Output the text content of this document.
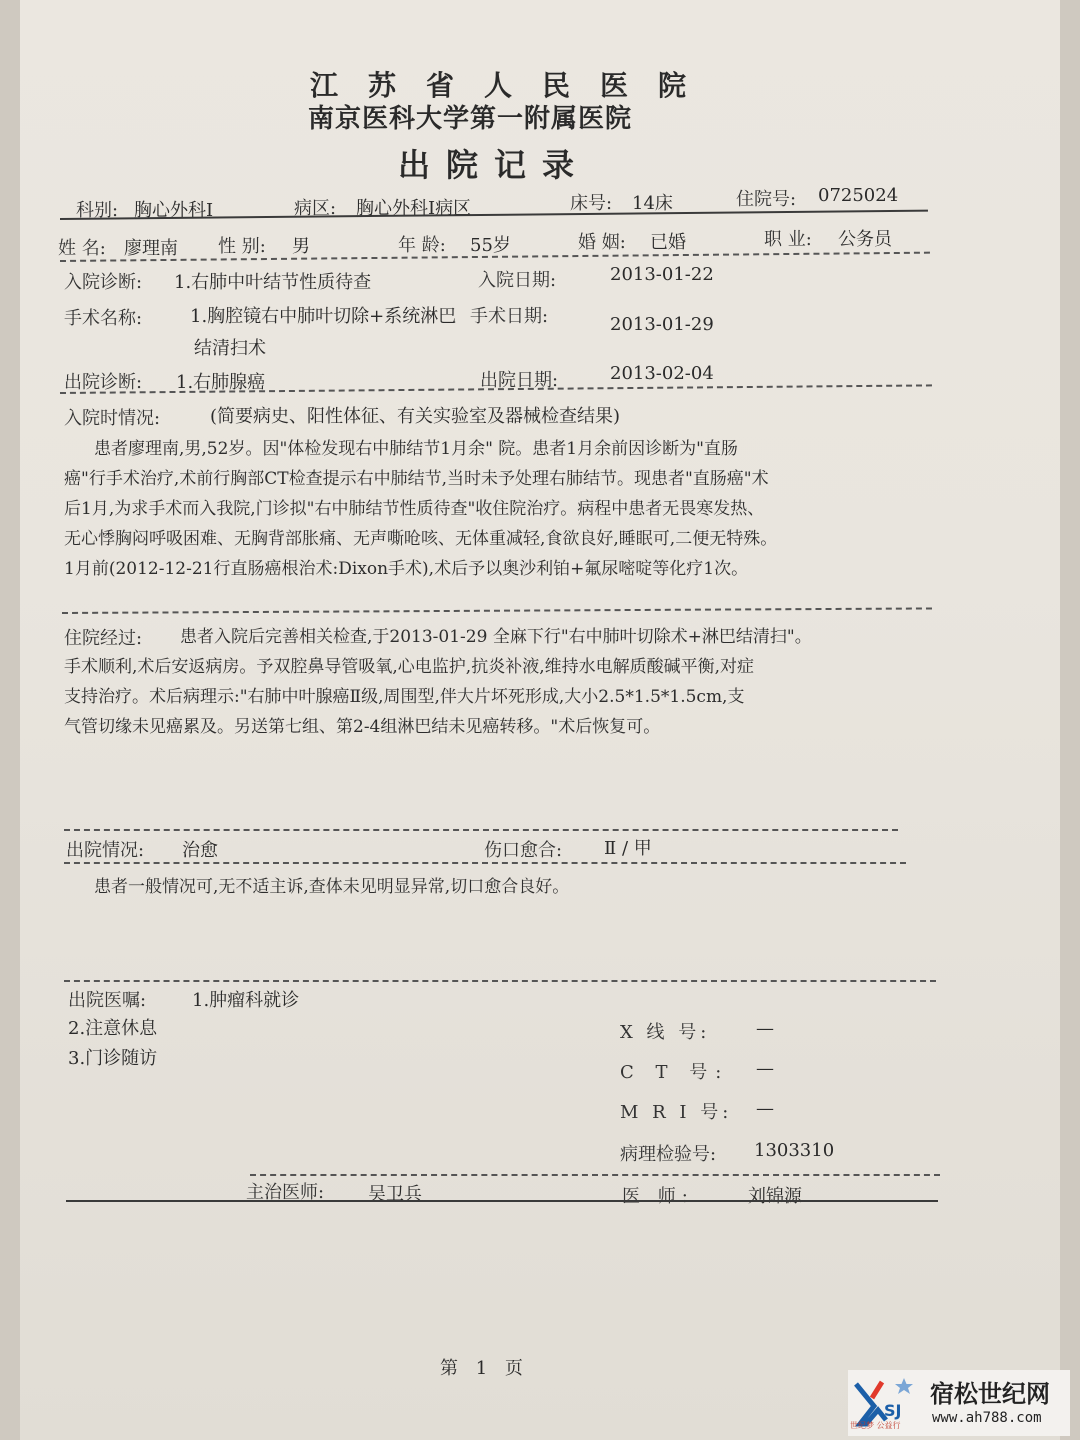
江苏省人民医院
南京医科大学第一附属医院
出院记录
科别: 胸心外科I	病区: 胸心外科I病区	床号: 14床	住院号: 0725024
姓 名: 廖理南 性 别: 男	年 龄: 55岁	婚 姻: 已婚	职 业: 公务员
入院诊断: 1.右肺中叶结节性质待查	入院日期:	2013-01-22
手术名称:	1.胸腔镜右中肺叶切除+系统淋巴 手术日期:	2013-01-29
结清扫术
出院诊断: 1.右肺腺癌	出院日期:	2013-02-04
入院时情况:	(简要病史、阳性体征、有关实验室及器械检查结果)
患者廖理南,男,52岁。因"体检发现右中肺结节1月余" 院。患者1月余前因诊断为"直肠
癌"行手术治疗,术前行胸部CT检查提示右中肺结节,当时未予处理右肺结节。现患者"直肠癌"术
后1月,为求手术而入我院,门诊拟"右中肺结节性质待查"收住院治疗。病程中患者无畏寒发热、
无心悸胸闷呼吸困难、无胸背部胀痛、无声嘶呛咳、无体重减轻,食欲良好,睡眠可,二便无特殊。
1月前(2012-12-21行直肠癌根治术:Dixon手术),术后予以奥沙利铂+氟尿嘧啶等化疗1次。
住院经过: 患者入院后完善相关检查,于2013-01-29 全麻下行"右中肺叶切除术+淋巴结清扫"。
手术顺利,术后安返病房。予双腔鼻导管吸氧,心电监护,抗炎补液,维持水电解质酸碱平衡,对症
支持治疗。术后病理示:"右肺中叶腺癌Ⅱ级,周围型,伴大片坏死形成,大小2.5*1.5*1.5cm,支
气管切缘未见癌累及。另送第七组、第2-4组淋巴结未见癌转移。"术后恢复可。
出院情况: 治愈	伤口愈合: Ⅱ / 甲
患者一般情况可,无不适主诉,查体未见明显异常,切口愈合良好。
出院医嘱:	1.肿瘤科就诊
2.注意休息
3.门诊随访
X 线 号:	—
C T 号: —
M R I 号: —
病理检验号: 1303310
主治医师: 吴卫兵	医 师:	刘锦源
第 1 页
SJ
世纪梦 公益行
宿松世纪网
www.ah788.com
